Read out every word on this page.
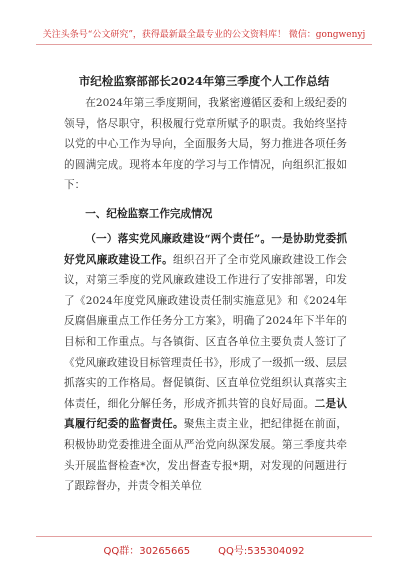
关注头条号“公文研究”，获得最新最全最专业的公文资料库！ 微信：gongwenyj
市纪检监察部部长2024年第三季度个人工作总结

在2024年第三季度期间，我紧密遵循区委和上级纪委的领导，恪尽职守，积极履行党章所赋予的职责。我始终坚持以党的中心工作为导向，全面服务大局，努力推进各项任务的圆满完成。现将本年度的学习与工作情况，向组织汇报如下：

一、纪检监察工作完成情况

（一）落实党风廉政建设“两个责任”。一是协助党委抓好党风廉政建设工作。组织召开了全市党风廉政建设工作会议，对第三季度的党风廉政建设工作进行了安排部署，印发了《2024年度党风廉政建设责任制实施意见》和《2024年反腐倡廉重点工作任务分工方案》，明确了2024年下半年的目标和工作重点。与各镇街、区直各单位主要负责人签订了《党风廉政建设目标管理责任书》，形成了一级抓一级、层层抓落实的工作格局。督促镇街、区直单位党组织认真落实主体责任，细化分解任务，形成齐抓共管的良好局面。二是认真履行纪委的监督责任。聚焦主责主业，把纪律挺在前面，积极协助党委推进全面从严治党向纵深发展。第三季度共牵头开展监督检查*次，发出督查专报*期，对发现的问题进行了跟踪督办，并责令相关单位

QQ群：30265665	QQ号:535304092
